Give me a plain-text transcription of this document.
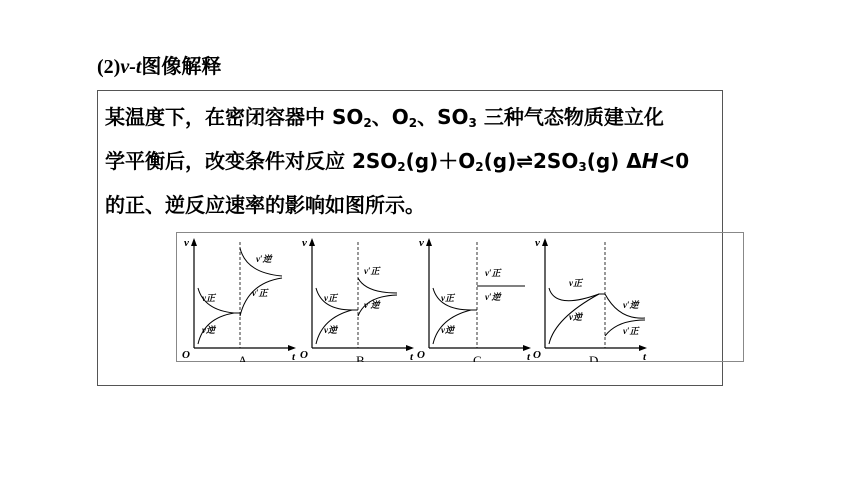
(2)v-t图像解释
某温度下，在密闭容器中 $SO_2$、$O_2$、$SO_3$ 三种气态物质建立化
学平衡后，改变条件对反应 $2SO_2(g)+O_2(g)\rightleftharpoons 2SO_3(g)$ ΔH<0
的正、逆反应速率的影响如图所示。
v
t
O
v正
v逆
v′逆
v′正
A
v
t
O
v正
v逆
v′正
v′逆
B
v
t
O
v正
v逆
v′正
v′逆
C
v
t
O
v正
v逆
v′逆
v′正
D
